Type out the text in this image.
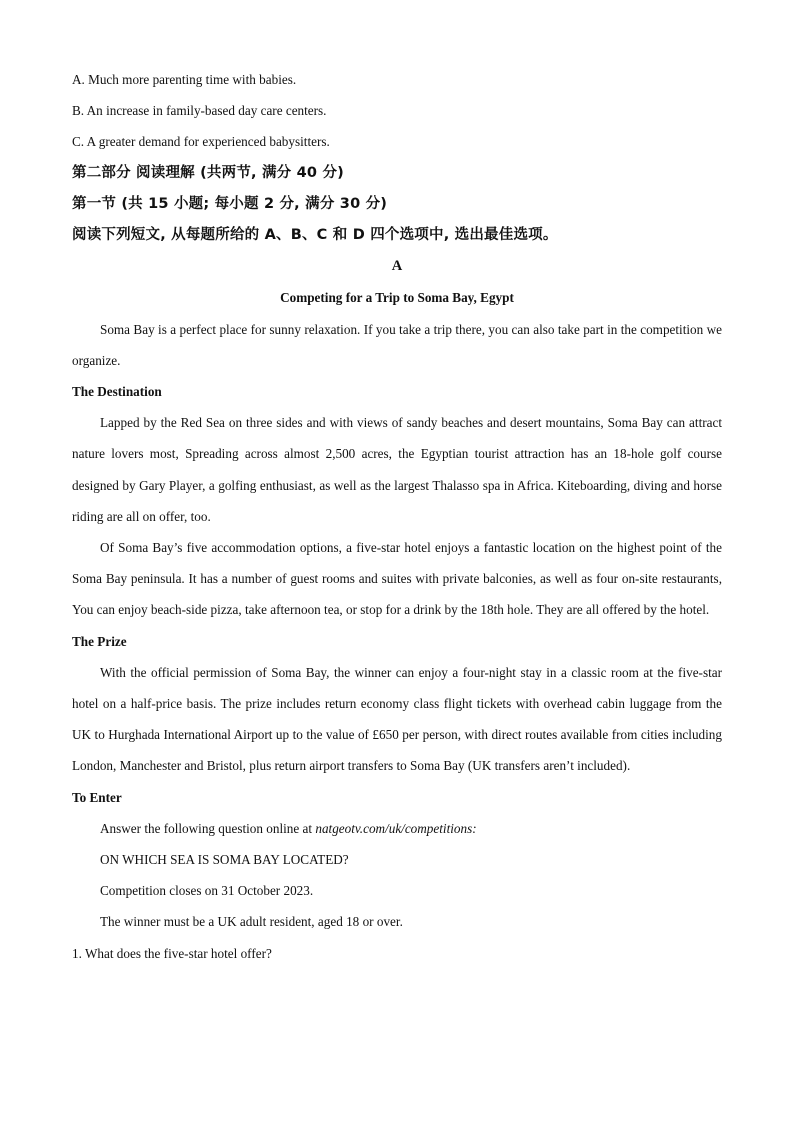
A. Much more parenting time with babies.
B. An increase in family-based day care centers.
C. A greater demand for experienced babysitters.
第二部分 阅读理解 (共两节, 满分 40 分)
第一节 (共 15 小题; 每小题 2 分, 满分 30 分)
阅读下列短文, 从每题所给的 A、B、C 和 D 四个选项中, 选出最佳选项。
A
Competing for a Trip to Soma Bay, Egypt
Soma Bay is a perfect place for sunny relaxation. If you take a trip there, you can also take part in the competition we organize.
The Destination
Lapped by the Red Sea on three sides and with views of sandy beaches and desert mountains, Soma Bay can attract nature lovers most, Spreading across almost 2,500 acres, the Egyptian tourist attraction has an 18-hole golf course designed by Gary Player, a golfing enthusiast, as well as the largest Thalasso spa in Africa. Kiteboarding, diving and horse riding are all on offer, too.
Of Soma Bay’s five accommodation options, a five-star hotel enjoys a fantastic location on the highest point of the Soma Bay peninsula. It has a number of guest rooms and suites with private balconies, as well as four on-site restaurants, You can enjoy beach-side pizza, take afternoon tea, or stop for a drink by the 18th hole. They are all offered by the hotel.
The Prize
With the official permission of Soma Bay, the winner can enjoy a four-night stay in a classic room at the five-star hotel on a half-price basis. The prize includes return economy class flight tickets with overhead cabin luggage from the UK to Hurghada International Airport up to the value of £650 per person, with direct routes available from cities including London, Manchester and Bristol, plus return airport transfers to Soma Bay (UK transfers aren’t included).
To Enter
Answer the following question online at natgeotv.com/uk/competitions:
ON WHICH SEA IS SOMA BAY LOCATED?
Competition closes on 31 October 2023.
The winner must be a UK adult resident, aged 18 or over.
1. What does the five-star hotel offer?
